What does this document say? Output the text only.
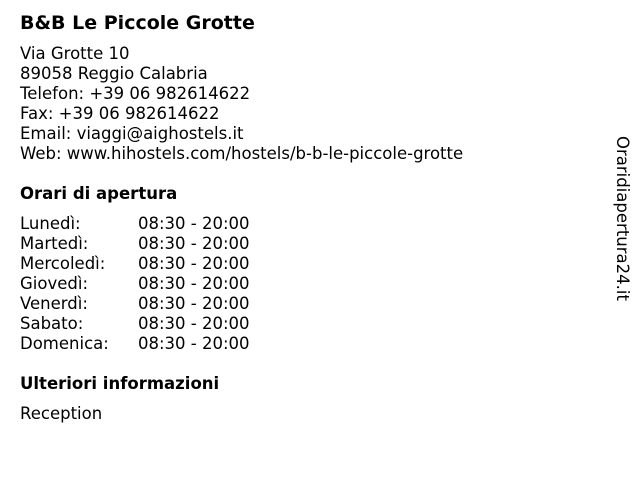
B&B Le Piccole Grotte
Via Grotte 10
89058 Reggio Calabria
Telefon: +39 06 982614622
Fax: +39 06 982614622
Email: viaggi@aighostels.it
Web: www.hihostels.com/hostels/b-b-le-piccole-grotte
Orari di apertura
Lunedì:	08:30 - 20:00
Martedì:	08:30 - 20:00
Mercoledì: 08:30 - 20:00
Giovedì:	08:30 - 20:00
Venerdì:	08:30 - 20:00
Sabato:	08:30 - 20:00
Domenica: 08:30 - 20:00
Ulteriori informazioni
Reception
Oraridiapertura24.it
